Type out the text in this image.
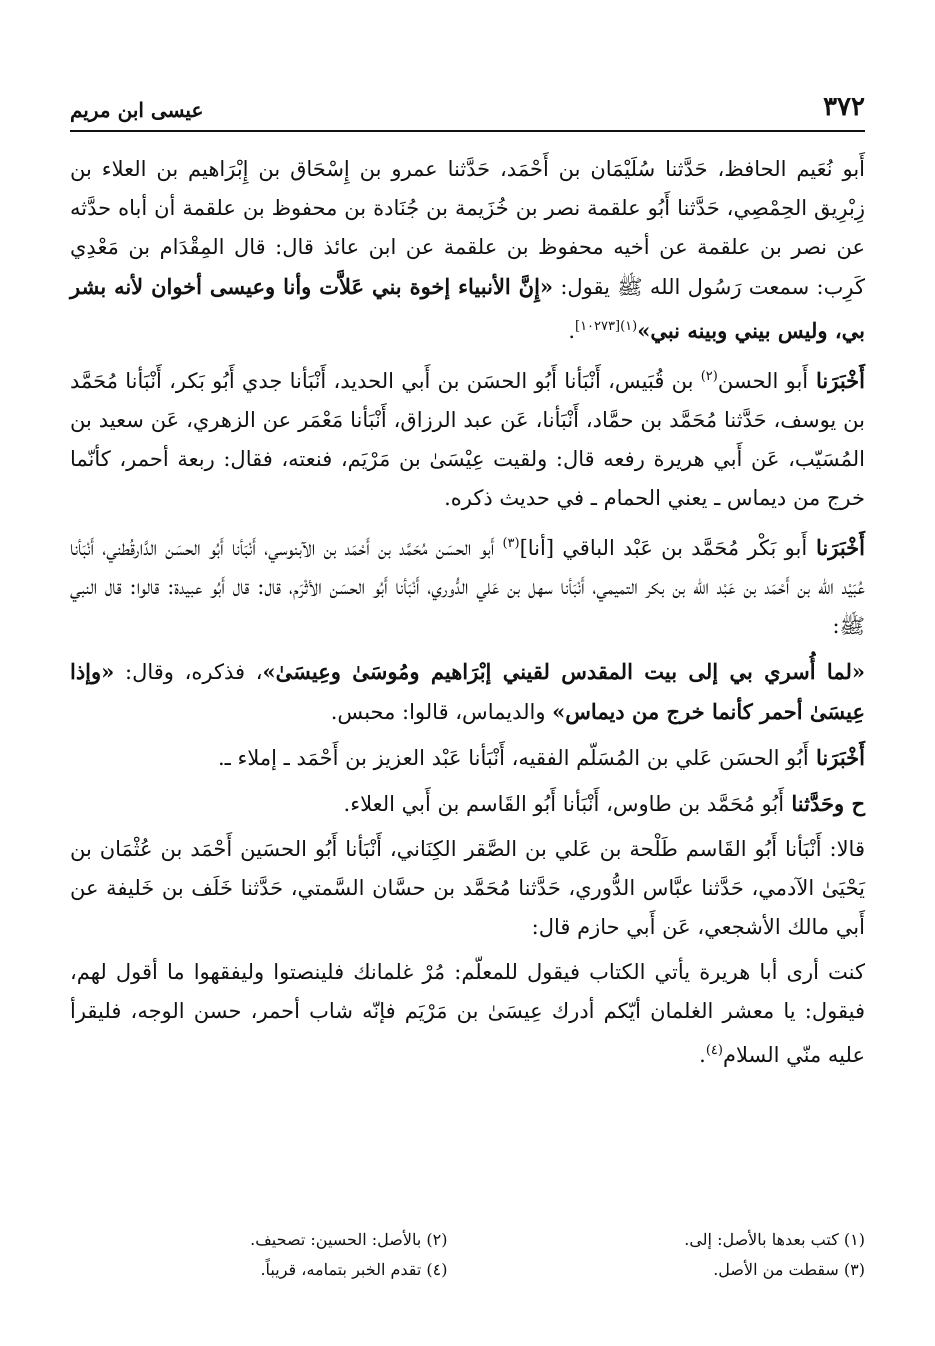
٣٧٢
عيسى ابن مريم

أَبو نُعَيم الحافظ، حَدَّثنا سُلَيْمَان بن أَحْمَد، حَدَّثنا عمرو بن إِسْحَاق بن إِبْرَاهيم بن العلاء بن زِبْرِيق الحِمْصِي، حَدَّثنا أَبُو علقمة نصر بن خُزَيمة بن جُنَادة بن محفوظ بن علقمة أن أباه حدَّثه عن نصر بن علقمة عن أخيه محفوظ بن علقمة عن ابن عائذ قال: قال المِقْدَام بن مَعْدِي كَرِب: سمعت رَسُول الله ﷺ يقول: «إِنَّ الأنبياء إخوة بني عَلاَّت وأنا وعيسى أخوان لأنه بشر بي، وليس بيني وبينه نبي»$^{(١)[١٠٢٧٣]}$.

أَخْبَرَنا أَبو الحسن$^{(٢)}$ بن قُبَيس، أَنْبَأنا أَبُو الحسَن بن أَبي الحديد، أَنْبَأنا جدي أَبُو بَكر، أَنْبَأنا مُحَمَّد بن يوسف، حَدَّثنا مُحَمَّد بن حمَّاد، أَنْبَأنا، عَن عبد الرزاق، أَنْبَأنا مَعْمَر عن الزهري، عَن سعيد بن المُسَيّب، عَن أَبي هريرة رفعه قال: ولقيت عِيْسَىٰ بن مَرْيَم، فنعته، فقال: ربعة أحمر، كأنّما خرج من ديماس ـ يعني الحمام ـ في حديث ذكره.

أَخْبَرَنا أَبو بَكْر مُحَمَّد بن عَبْد الباقي [أنا]$^{(٣)}$ أَبو الحسَن مُحَمَّد بن أَحْمَد بن الآبنوسي، أَنْبَأنا أَبُو الحسَن الدَّارقُطني، أَنْبَأنا عُبَيْد الله بن أَحْمَد بن عَبْد الله بن بكر التميمي، أَنْبَأنا سهل بن عَلي الدُّوري، أَنْبَأنا أَبُو الحسَن الأثْرَم، قال: قال أَبُو عبيدة: قالوا: قال النبي ﷺ:

«لما أُسري بي إلى بيت المقدس لقيني إبْرَاهيم ومُوسَىٰ وعِيسَىٰ»، فذكره، وقال: «وإذا عِيسَىٰ أحمر كأنما خرج من ديماس» والديماس، قالوا: محبس.

أَخْبَرَنا أَبُو الحسَن عَلي بن المُسَلّم الفقيه، أَنْبَأنا عَبْد العزيز بن أَحْمَد ـ إملاء ـ.

ح وحَدَّثنا أَبُو مُحَمَّد بن طاوس، أَنْبَأنا أَبُو القَاسم بن أَبي العلاء.

قالا: أَنْبَأنا أَبُو القَاسم طَلْحة بن عَلي بن الصَّقر الكِنَاني، أَنْبَأنا أَبُو الحسَين أَحْمَد بن عُثْمَان بن يَحْيَىٰ الآدمي، حَدَّثنا عبَّاس الدُّوري، حَدَّثنا مُحَمَّد بن حسَّان السَّمتي، حَدَّثنا خَلَف بن خَليفة عن أَبي مالك الأشجعي، عَن أَبي حازم قال:

كنت أرى أبا هريرة يأتي الكتاب فيقول للمعلّم: مُرْ غلمانك فلينصتوا وليفقهوا ما أقول لهم، فيقول: يا معشر الغلمان أيّكم أدرك عِيسَىٰ بن مَرْيَم فإنّه شاب أحمر، حسن الوجه، فليقرأ عليه منّي السلام$^{(٤)}$.

(١) كتب بعدها بالأصل: إلى.
(٢) بالأصل: الحسين: تصحيف.
(٣) سقطت من الأصل.
(٤) تقدم الخبر بتمامه، قريباً.
